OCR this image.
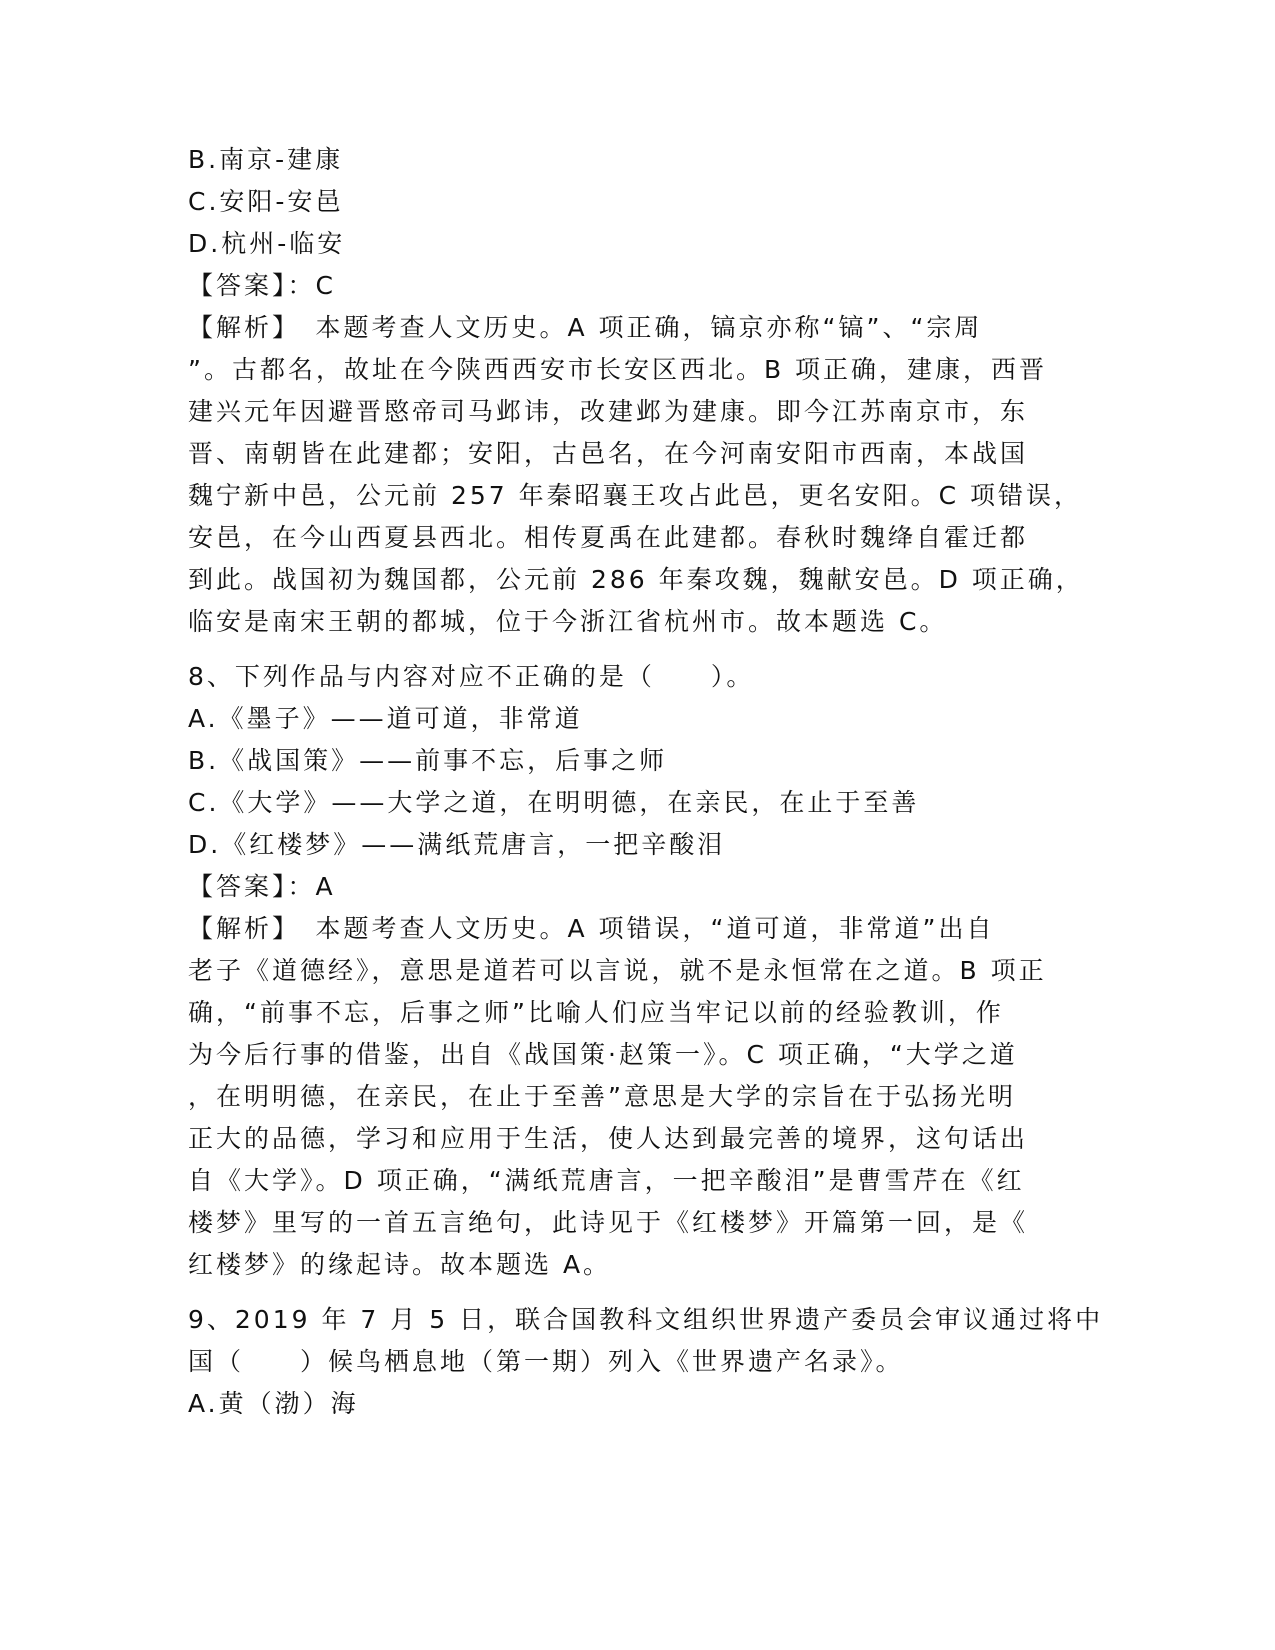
B.南京-建康
C.安阳-安邑
D.杭州-临安
【答案】：C
【解析】　本题考查人文历史。A 项正确，镐京亦称“镐”、“宗周
”。古都名，故址在今陕西西安市长安区西北。B 项正确，建康，西晋
建兴元年因避晋愍帝司马邺讳，改建邺为建康。即今江苏南京市，东
晋、南朝皆在此建都；安阳，古邑名，在今河南安阳市西南，本战国
魏宁新中邑，公元前 257 年秦昭襄王攻占此邑，更名安阳。C 项错误，
安邑，在今山西夏县西北。相传夏禹在此建都。春秋时魏绛自霍迁都
到此。战国初为魏国都，公元前 286 年秦攻魏，魏献安邑。D 项正确，
临安是南宋王朝的都城，位于今浙江省杭州市。故本题选 C。
8、下列作品与内容对应不正确的是（　　）。
A.《墨子》——道可道，非常道
B.《战国策》——前事不忘，后事之师
C.《大学》——大学之道，在明明德，在亲民，在止于至善
D.《红楼梦》——满纸荒唐言，一把辛酸泪
【答案】：A
【解析】　本题考查人文历史。A 项错误，“道可道，非常道”出自
老子《道德经》，意思是道若可以言说，就不是永恒常在之道。B 项正
确，“前事不忘，后事之师”比喻人们应当牢记以前的经验教训，作
为今后行事的借鉴，出自《战国策·赵策一》。C 项正确，“大学之道
，在明明德，在亲民，在止于至善”意思是大学的宗旨在于弘扬光明
正大的品德，学习和应用于生活，使人达到最完善的境界，这句话出
自《大学》。D 项正确，“满纸荒唐言，一把辛酸泪”是曹雪芹在《红
楼梦》里写的一首五言绝句，此诗见于《红楼梦》开篇第一回，是《
红楼梦》的缘起诗。故本题选 A。
9、2019 年 7 月 5 日，联合国教科文组织世界遗产委员会审议通过将中
国（　　）候鸟栖息地（第一期）列入《世界遗产名录》。
A.黄（渤）海
